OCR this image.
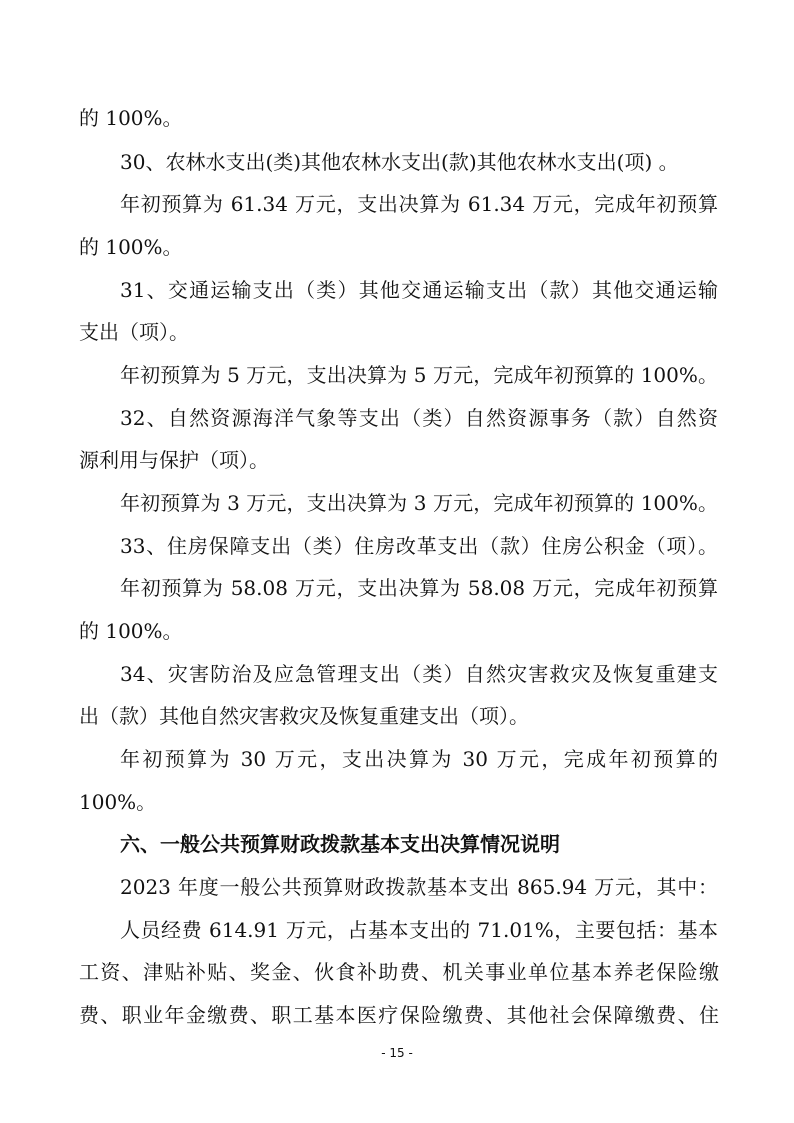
的 100%。
30、农林水支出(类)其他农林水支出(款)其他农林水支出(项) 。
年初预算为 61.34 万元，支出决算为 61.34 万元，完成年初预算
的 100%。
31、交通运输支出（类）其他交通运输支出（款）其他交通运输
支出（项）。
年初预算为 5 万元，支出决算为 5 万元，完成年初预算的 100%。
32、自然资源海洋气象等支出（类）自然资源事务（款）自然资
源利用与保护（项）。
年初预算为 3 万元，支出决算为 3 万元，完成年初预算的 100%。
33、住房保障支出（类）住房改革支出（款）住房公积金（项）。
年初预算为 58.08 万元，支出决算为 58.08 万元，完成年初预算
的 100%。
34、灾害防治及应急管理支出（类）自然灾害救灾及恢复重建支
出（款）其他自然灾害救灾及恢复重建支出（项）。
年初预算为 30 万元，支出决算为 30 万元，完成年初预算的
100%。
六、一般公共预算财政拨款基本支出决算情况说明
2023 年度一般公共预算财政拨款基本支出 865.94 万元，其中：
人员经费 614.91 万元，占基本支出的 71.01%，主要包括：基本
工资、津贴补贴、奖金、伙食补助费、机关事业单位基本养老保险缴
费、职业年金缴费、职工基本医疗保险缴费、其他社会保障缴费、住
- 15 -
